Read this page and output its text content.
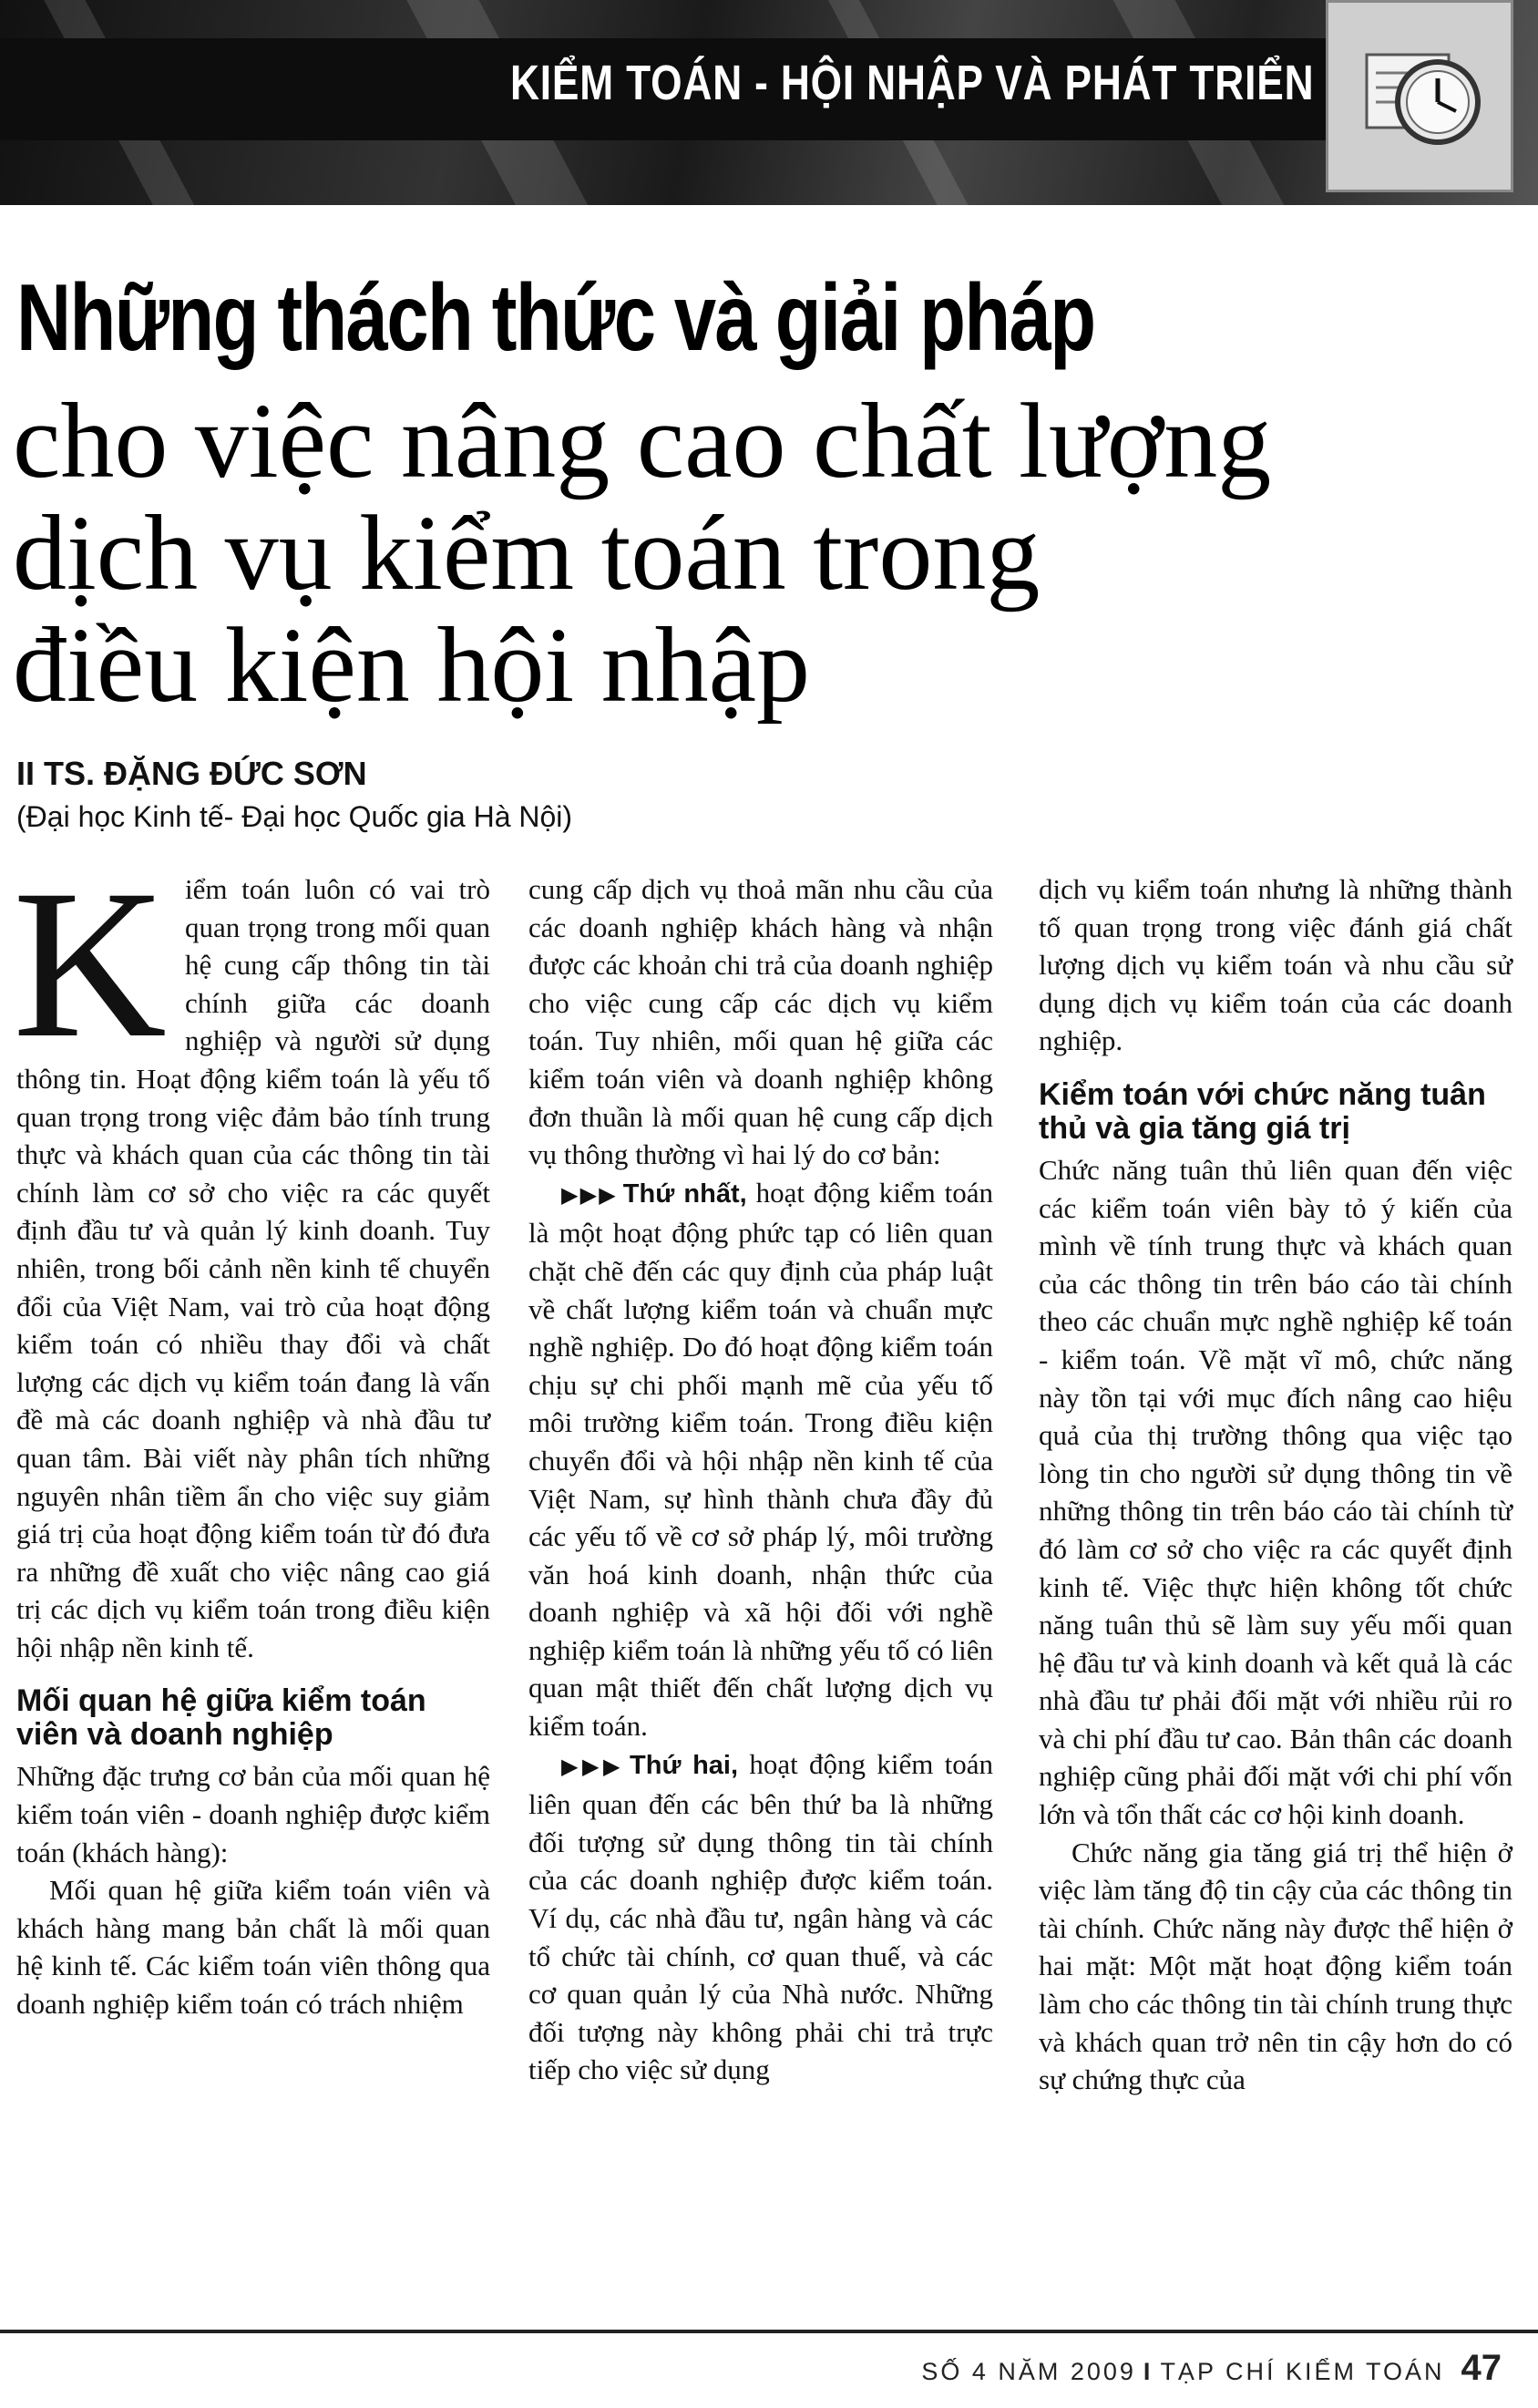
KIỂM TOÁN - HỘI NHẬP VÀ PHÁT TRIỂN
Những thách thức và giải pháp
cho việc nâng cao chất lượng
dịch vụ kiểm toán trong
điều kiện hội nhập
II TS. ĐẶNG ĐỨC SƠN
(Đại học Kinh tế- Đại học Quốc gia Hà Nội)

Kiểm toán luôn có vai trò quan trọng trong mối quan hệ cung cấp thông tin tài chính giữa các doanh nghiệp và người sử dụng thông tin. Hoạt động kiểm toán là yếu tố quan trọng trong việc đảm bảo tính trung thực và khách quan của các thông tin tài chính làm cơ sở cho việc ra các quyết định đầu tư và quản lý kinh doanh. Tuy nhiên, trong bối cảnh nền kinh tế chuyển đổi của Việt Nam, vai trò của hoạt động kiểm toán có nhiều thay đổi và chất lượng các dịch vụ kiểm toán đang là vấn đề mà các doanh nghiệp và nhà đầu tư quan tâm. Bài viết này phân tích những nguyên nhân tiềm ẩn cho việc suy giảm giá trị của hoạt động kiểm toán từ đó đưa ra những đề xuất cho việc nâng cao giá trị các dịch vụ kiểm toán trong điều kiện hội nhập nền kinh tế.

Mối quan hệ giữa kiểm toán viên và doanh nghiệp

Những đặc trưng cơ bản của mối quan hệ kiểm toán viên - doanh nghiệp được kiểm toán (khách hàng):

Mối quan hệ giữa kiểm toán viên và khách hàng mang bản chất là mối quan hệ kinh tế. Các kiểm toán viên thông qua doanh nghiệp kiểm toán có trách nhiệm

cung cấp dịch vụ thoả mãn nhu cầu của các doanh nghiệp khách hàng và nhận được các khoản chi trả của doanh nghiệp cho việc cung cấp các dịch vụ kiểm toán. Tuy nhiên, mối quan hệ giữa các kiểm toán viên và doanh nghiệp không đơn thuần là mối quan hệ cung cấp dịch vụ thông thường vì hai lý do cơ bản:

▶▶▶ Thứ nhất, hoạt động kiểm toán là một hoạt động phức tạp có liên quan chặt chẽ đến các quy định của pháp luật về chất lượng kiểm toán và chuẩn mực nghề nghiệp. Do đó hoạt động kiểm toán chịu sự chi phối mạnh mẽ của yếu tố môi trường kiểm toán. Trong điều kiện chuyển đổi và hội nhập nền kinh tế của Việt Nam, sự hình thành chưa đầy đủ các yếu tố về cơ sở pháp lý, môi trường văn hoá kinh doanh, nhận thức của doanh nghiệp và xã hội đối với nghề nghiệp kiểm toán là những yếu tố có liên quan mật thiết đến chất lượng dịch vụ kiểm toán.

▶▶▶ Thứ hai, hoạt động kiểm toán liên quan đến các bên thứ ba là những đối tượng sử dụng thông tin tài chính của các doanh nghiệp được kiểm toán. Ví dụ, các nhà đầu tư, ngân hàng và các tổ chức tài chính, cơ quan thuế, và các cơ quan quản lý của Nhà nước. Những đối tượng này không phải chi trả trực tiếp cho việc sử dụng

dịch vụ kiểm toán nhưng là những thành tố quan trọng trong việc đánh giá chất lượng dịch vụ kiểm toán và nhu cầu sử dụng dịch vụ kiểm toán của các doanh nghiệp.

Kiểm toán với chức năng tuân thủ và gia tăng giá trị

Chức năng tuân thủ liên quan đến việc các kiểm toán viên bày tỏ ý kiến của mình về tính trung thực và khách quan của các thông tin trên báo cáo tài chính theo các chuẩn mực nghề nghiệp kế toán - kiểm toán. Về mặt vĩ mô, chức năng này tồn tại với mục đích nâng cao hiệu quả của thị trường thông qua việc tạo lòng tin cho người sử dụng thông tin về những thông tin trên báo cáo tài chính từ đó làm cơ sở cho việc ra các quyết định kinh tế. Việc thực hiện không tốt chức năng tuân thủ sẽ làm suy yếu mối quan hệ đầu tư và kinh doanh và kết quả là các nhà đầu tư phải đối mặt với nhiều rủi ro và chi phí đầu tư cao. Bản thân các doanh nghiệp cũng phải đối mặt với chi phí vốn lớn và tổn thất các cơ hội kinh doanh.

Chức năng gia tăng giá trị thể hiện ở việc làm tăng độ tin cậy của các thông tin tài chính. Chức năng này được thể hiện ở hai mặt: Một mặt hoạt động kiểm toán làm cho các thông tin tài chính trung thực và khách quan trở nên tin cậy hơn do có sự chứng thực của

SỐ 4 NĂM 2009 I TẠP CHÍ KIỂM TOÁN 47
